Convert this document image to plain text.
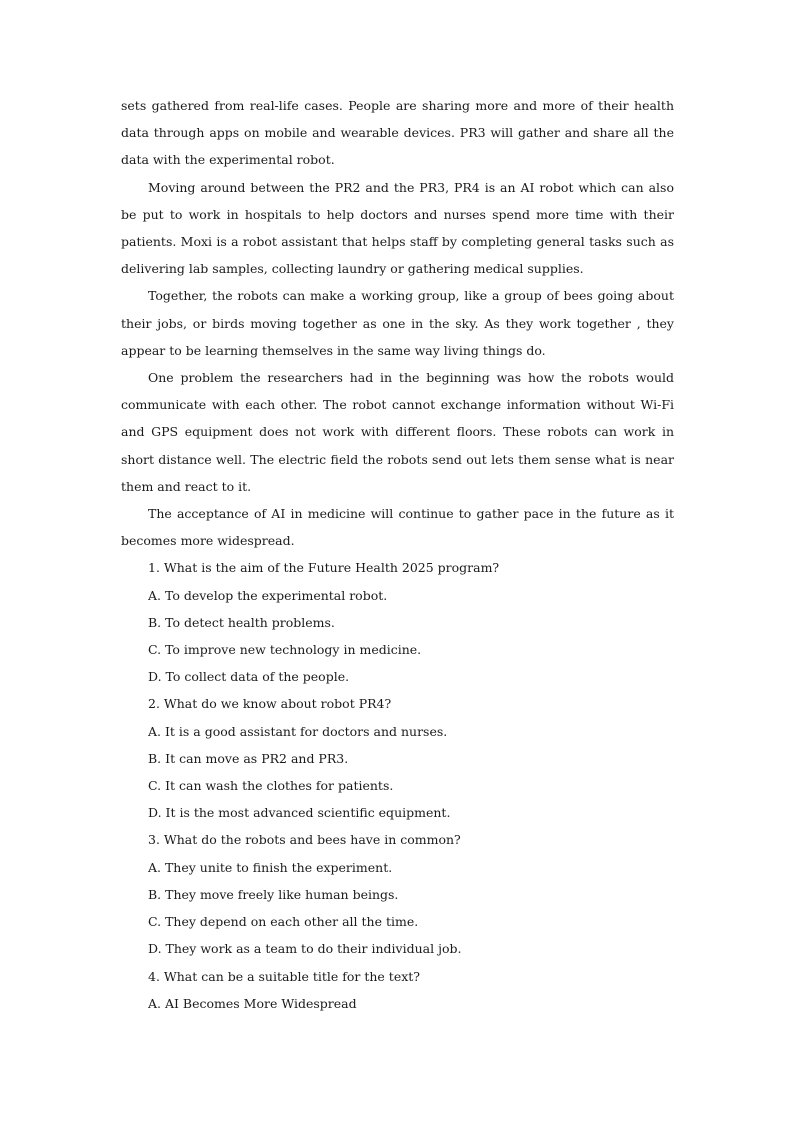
sets gathered from real-life cases. People are sharing more and more of their health data through apps on mobile and wearable devices. PR3 will gather and share all the data with the experimental robot.

Moving around between the PR2 and the PR3, PR4 is an AI robot which can also be put to work in hospitals to help doctors and nurses spend more time with their patients. Moxi is a robot assistant that helps staff by completing general tasks such as delivering lab samples, collecting laundry or gathering medical supplies.

Together, the robots can make a working group, like a group of bees going about their jobs, or birds moving together as one in the sky. As they work together , they appear to be learning themselves in the same way living things do.

One problem the researchers had in the beginning was how the robots would communicate with each other. The robot cannot exchange information without Wi-Fi and GPS equipment does not work with different floors. These robots can work in short distance well. The electric field the robots send out lets them sense what is near them and react to it.

The acceptance of AI in medicine will continue to gather pace in the future as it becomes more widespread.

1. What is the aim of the Future Health 2025 program?

A. To develop the experimental robot.

B. To detect health problems.

C. To improve new technology in medicine.

D. To collect data of the people.

2. What do we know about robot PR4?

A. It is a good assistant for doctors and nurses.

B. It can move as PR2 and PR3.

C. It can wash the clothes for patients.

D. It is the most advanced scientific equipment.

3. What do the robots and bees have in common?

A. They unite to finish the experiment.

B. They move freely like human beings.

C. They depend on each other all the time.

D. They work as a team to do their individual job.

4. What can be a suitable title for the text?

A. AI Becomes More Widespread
